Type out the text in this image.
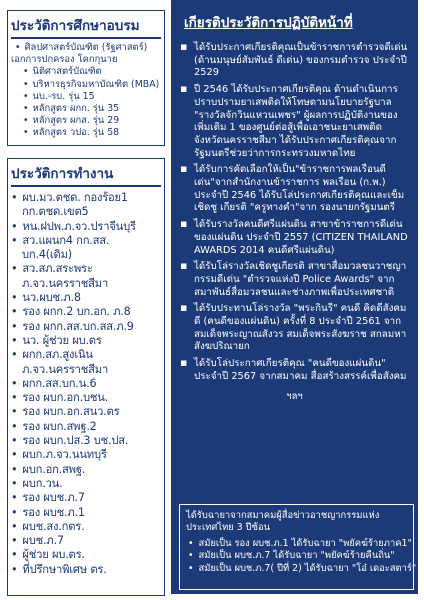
ประวัติการศึกษาอบรม
• ศิลปศาสตร์บัณฑิต (รัฐศาสตร์)
เอกการปกครอง โคกกุนาย
• นิติศาสตร์บัณฑิต
• บริหารธุรกิจมหาบัณฑิต (MBA)
• นบ.-รบ. รุ่น 15
• หลักสูตร ผกก. รุ่น 35
• หลักสูตร ผกส. รุ่น 29
• หลักสูตร วปอ. รุ่น 58
ประวัติการทำงาน
• ผบ.มว.ตชด. กองร้อย1
กก.ตชด.เขต5
• หน.ฝปพ.ภ.จว.ปราจีนบุรี
• สว.แผนก4 กก.สส.
บก.4(เดิม)
• สว.สภ.สระพระ
ภ.จว.นครราชสีมา
• นว.ผบช.ภ.8
• รอง ผกก.2 บก.อก. ภ.8
• รอง ผกก.สส.บก.สส.ภ.9
• นว. ผู้ช่วย ผบ.ตร
• ผกก.สภ.สูงเนิน
ภ.จว.นครราชสีมา
• ผกก.สส.บก.น.6
• รอง ผบก.อก.บชน.
• รอง ผบก.อก.สนว.ตร
• รอง ผบก.สพฐ.2
• รอง ผบก.ปส.3 บช.ปส.
• ผบก.ภ.จว.นนทบุรี
• ผบก.อก.สพฐ.
• ผบก.วน.
• รอง ผบช.ภ.7
• รอง ผบช.ภ.1
• ผบช.สง.กตร.
• ผบช.ภ.7
• ผู้ช่วย ผบ.ตร.
• ที่ปรึกษาพิเศษ ตร.
เกียรติประวัติการปฏิบัติหน้าที่
▪ ได้รับประกาศเกียรติคุณเป็นข้าราชการตำรวจดีเด่น (ด้านมนุษย์สัมพันธ์ ดีเด่น) ของกรมตำรวจ ประจำปี 2529
▪ ปี 2546 ได้รับประกาศเกียรติคุณ ด้านดำเนินการปราบปรามยาเสพติดให้โทษตามนโยบายรัฐบาล "รางวัลจักวินแหวนเพชร" ผู้ผลการปฏิบัติงานของเพิ่มเติม 1 ของศูนย์ต่อสู้เพื่อเอาชนะยาเสพติด จังหวัดนครราชสีมา ได้รับประกาศเกียรติคุณจากรัฐมนตรีช่วยว่าการกระทรวงมหาดไทย
▪ ได้รับการคัดเลือกให้เป็น"ข้าราชการพลเรือนดีเด่น"จากสำนักงานข้าราชการ พลเรือน (ก.พ.) ประจำปี 2546 ได้รับโล่ประกาศเกียรติคุณและเข็มเชิดชู เกียรติ "ครูทางคำ"จาก รองนายกรัฐมนตรี
▪ ได้รับรางวัลคนดีศรีแผ่นดิน สาขาข้าราชการดีเด่นของแผ่นดิน ประจำปี 2557 (CITIZEN THAILAND AWARDS 2014 คนดีศรีแผ่นดิน)
▪ ได้รับโล่รางวัลเชิดชูเกียรติ สาขาสื่อมวลชนวาชญากรรมดีเด่น "ตำรวจแห่งปี Police Awards" จากสมาพันธ์สื่อมวลชนและช่างภาพเพื่อประเทศชาติ
▪ ได้รับประทานโล่รางวัล "พระกินรี" คนดี คิดดีสังคมดี (คนดีของแผ่นดิน) ครั้งที่ 8 ประจำปี 2561 จากสมเด็จพระญาณสังวร สมเด็จพระสังฆราช สกลมหาสังฆปริณายก
▪ ได้รับโล่ประกาศเกียรติคุณ "คนดีของแผ่นดิน" ประจำปี 2567 จากสมาคม สื่อสร้างสรรค์เพื่อสังคม
ฯลฯ
ได้รับฉายาจากสมาคมผู้สื่อข่าวอาชญากรรมแห่งประเทศไทย 3 ปีซ้อน
• สมัยเป็น รอง ผบช.ภ.1 ได้รับฉายา "พยัคฆ์ร้ายภาค1"
• สมัยเป็น ผบช.ภ.7 ได้รับฉายา "พยัคฆ์ร้ายคืนถิ่น"
• สมัยเป็น ผบช.ภ.7( ปีที่ 2) ได้รับฉายา "โอ๋ เดอะสตาร์"
